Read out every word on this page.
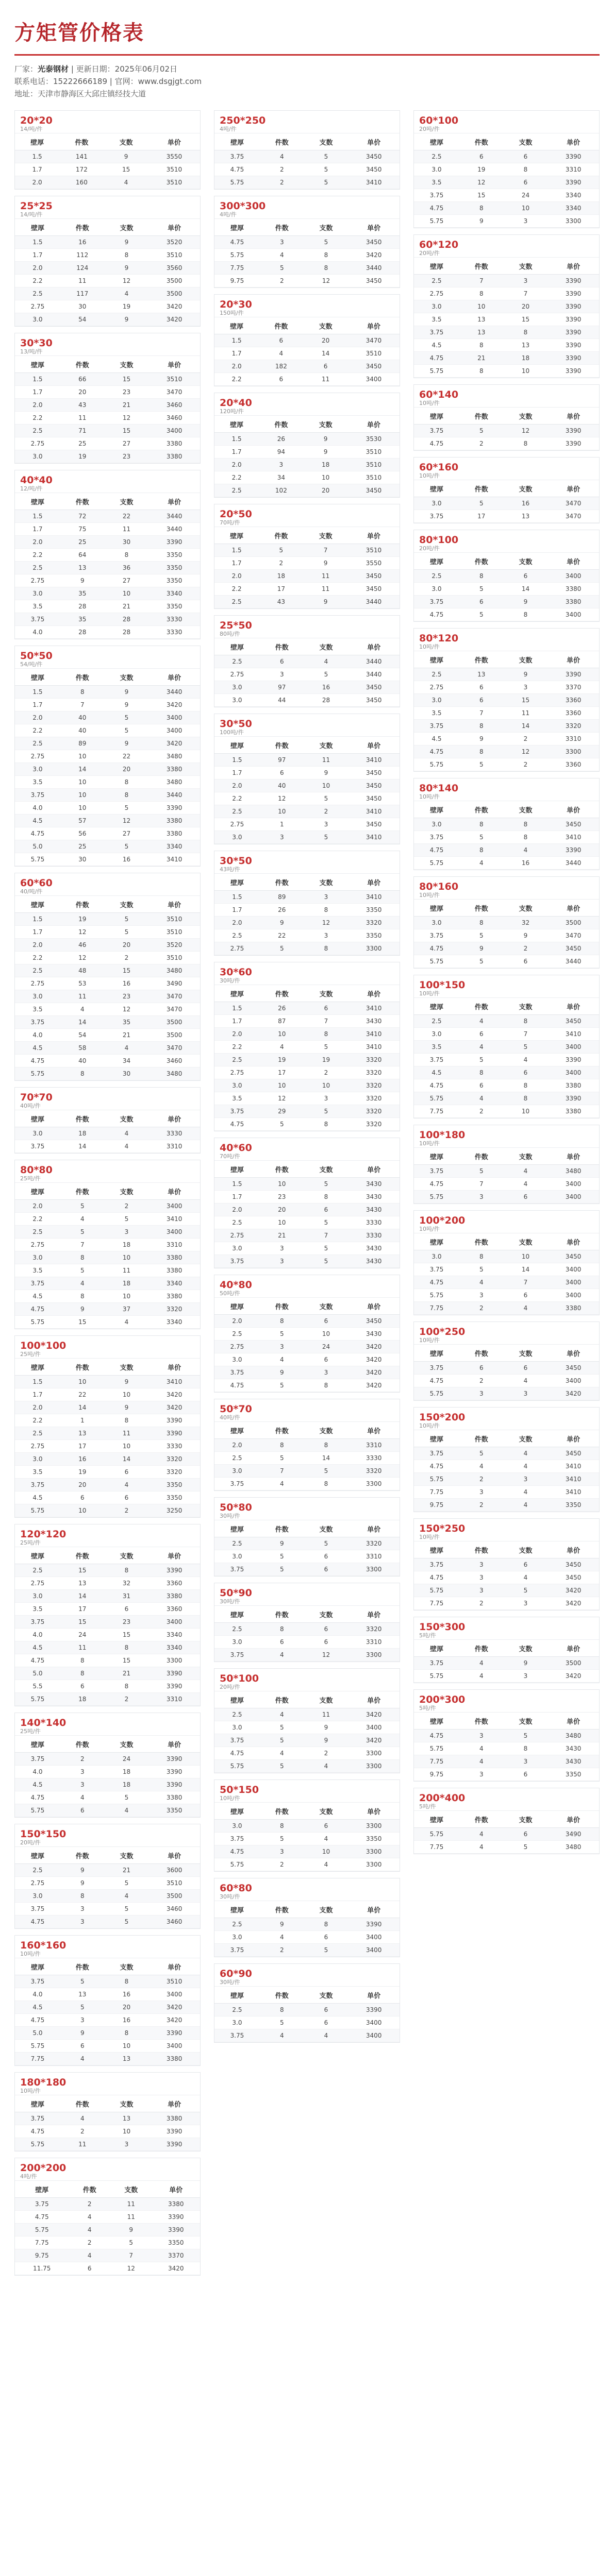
方矩管价格表
厂家：光泰钢材 | 更新日期：2025年06月02日
联系电话：15222666189 | 官网：www.dsgjgt.com
地址：天津市静海区大邱庄镇经技大道
20*20
14/吨/件
壁厚	件数	支数	单价
1.5	141	9	3550
1.7	172	15	3510
2.0	160	4	3510
25*25
14/吨/件
壁厚	件数	支数	单价
1.5	16	9	3520
1.7	112	8	3510
2.0	124	9	3560
2.2	11	12	3500
2.5	117	4	3500
2.75	30	19	3420
3.0	54	9	3420
30*30
13/吨/件
壁厚	件数	支数	单价
1.5	66	15	3510
1.7	20	23	3470
2.0	43	21	3460
2.2	11	12	3460
2.5	71	15	3400
2.75	25	27	3380
3.0	19	23	3380
40*40
12/吨/件
壁厚	件数	支数	单价
1.5	72	22	3440
1.7	75	11	3440
2.0	25	30	3390
2.2	64	8	3350
2.5	13	36	3350
2.75	9	27	3350
3.0	35	10	3340
3.5	28	21	3350
3.75	35	28	3330
4.0	28	28	3330
50*50
54/吨/件
壁厚	件数	支数	单价
1.5	8	9	3440
1.7	7	9	3420
2.0	40	5	3400
2.2	40	5	3400
2.5	89	9	3420
2.75	10	22	3480
3.0	14	20	3380
3.5	10	8	3480
3.75	10	8	3440
4.0	10	5	3390
4.5	57	12	3380
4.75	56	27	3380
5.0	25	5	3340
5.75	30	16	3410
60*60
40/吨/件
壁厚	件数	支数	单价
1.5	19	5	3510
1.7	12	5	3510
2.0	46	20	3520
2.2	12	2	3510
2.5	48	15	3480
2.75	53	16	3490
3.0	11	23	3470
3.5	4	12	3470
3.75	14	35	3500
4.0	54	21	3500
4.5	58	4	3470
4.75	40	34	3460
5.75	8	30	3480
70*70
40吨/件
壁厚	件数	支数	单价
3.0	18	4	3330
3.75	14	4	3310
80*80
25吨/件
壁厚	件数	支数	单价
2.0	5	2	3400
2.2	4	5	3410
2.5	5	3	3400
2.75	7	18	3310
3.0	8	10	3380
3.5	5	11	3380
3.75	4	18	3340
4.5	8	10	3380
4.75	9	37	3320
5.75	15	4	3340
100*100
25吨/件
壁厚	件数	支数	单价
1.5	10	9	3410
1.7	22	10	3420
2.0	14	9	3420
2.2	1	8	3390
2.5	13	11	3390
2.75	17	10	3330
3.0	16	14	3320
3.5	19	6	3320
3.75	20	4	3350
4.5	6	6	3350
5.75	10	2	3250
120*120
25吨/件
壁厚	件数	支数	单价
2.5	15	8	3390
2.75	13	32	3360
3.0	14	31	3380
3.5	17	6	3360
3.75	15	23	3400
4.0	24	15	3340
4.5	11	8	3340
4.75	8	15	3300
5.0	8	21	3390
5.5	6	8	3390
5.75	18	2	3310
140*140
25吨/件
壁厚	件数	支数	单价
3.75	2	24	3390
4.0	3	18	3390
4.5	3	18	3390
4.75	4	5	3380
5.75	6	4	3350
150*150
20吨/件
壁厚	件数	支数	单价
2.5	9	21	3600
2.75	9	5	3510
3.0	8	4	3500
3.75	3	5	3460
4.75	3	5	3460
160*160
10吨/件
壁厚	件数	支数	单价
3.75	5	8	3510
4.0	13	16	3400
4.5	5	20	3420
4.75	3	16	3420
5.0	9	8	3390
5.75	6	10	3400
7.75	4	13	3380
180*180
10吨/件
壁厚	件数	支数	单价
3.75	4	13	3380
4.75	2	10	3390
5.75	11	3	3390
200*200
4吨/件
壁厚	件数	支数	单价
3.75	2	11	3380
4.75	4	11	3390
5.75	4	9	3390
7.75	2	5	3350
9.75	4	7	3370
11.75	6	12	3420
250*250
4吨/件
壁厚	件数	支数	单价
3.75	4	5	3450
4.75	2	5	3450
5.75	2	5	3410
300*300
4吨/件
壁厚	件数	支数	单价
4.75	3	5	3450
5.75	4	8	3420
7.75	5	8	3440
9.75	2	12	3450
20*30
150吨/件
壁厚	件数	支数	单价
1.5	6	20	3470
1.7	4	14	3510
2.0	182	6	3450
2.2	6	11	3400
20*40
120吨/件
壁厚	件数	支数	单价
1.5	26	9	3530
1.7	94	9	3510
2.0	3	18	3510
2.2	34	10	3510
2.5	102	20	3450
20*50
70吨/件
壁厚	件数	支数	单价
1.5	5	7	3510
1.7	2	9	3550
2.0	18	11	3450
2.2	17	11	3450
2.5	43	9	3440
25*50
80吨/件
壁厚	件数	支数	单价
2.5	6	4	3440
2.75	3	5	3440
3.0	97	16	3450
3.0	44	28	3450
30*50
100吨/件
壁厚	件数	支数	单价
1.5	97	11	3410
1.7	6	9	3450
2.0	40	10	3450
2.2	12	5	3450
2.5	10	2	3410
2.75	1	3	3450
3.0	3	5	3410
30*50
43吨/件
壁厚	件数	支数	单价
1.5	89	3	3410
1.7	26	8	3350
2.0	9	12	3320
2.5	22	3	3350
2.75	5	8	3300
30*60
30吨/件
壁厚	件数	支数	单价
1.5	26	6	3410
1.7	87	7	3430
2.0	10	8	3410
2.2	4	5	3410
2.5	19	19	3320
2.75	17	2	3320
3.0	10	10	3320
3.5	12	3	3320
3.75	29	5	3320
4.75	5	8	3320
40*60
70吨/件
壁厚	件数	支数	单价
1.5	10	5	3430
1.7	23	8	3430
2.0	20	6	3430
2.5	10	5	3330
2.75	21	7	3330
3.0	3	5	3430
3.75	3	5	3430
40*80
50吨/件
壁厚	件数	支数	单价
2.0	8	6	3450
2.5	5	10	3430
2.75	3	24	3420
3.0	4	6	3420
3.75	9	3	3420
4.75	5	8	3420
50*70
40吨/件
壁厚	件数	支数	单价
2.0	8	8	3310
2.5	5	14	3330
3.0	7	5	3320
3.75	4	8	3300
50*80
30吨/件
壁厚	件数	支数	单价
2.5	9	5	3320
3.0	5	6	3310
3.75	5	6	3300
50*90
30吨/件
壁厚	件数	支数	单价
2.5	8	6	3320
3.0	6	6	3310
3.75	4	12	3300
50*100
20吨/件
壁厚	件数	支数	单价
2.5	4	11	3420
3.0	5	9	3400
3.75	5	9	3420
4.75	4	2	3300
5.75	5	4	3300
50*150
10吨/件
壁厚	件数	支数	单价
3.0	8	6	3300
3.75	5	4	3350
4.75	3	10	3300
5.75	2	4	3300
60*80
30吨/件
壁厚	件数	支数	单价
2.5	9	8	3390
3.0	4	6	3400
3.75	2	5	3400
60*90
30吨/件
壁厚	件数	支数	单价
2.5	8	6	3390
3.0	5	6	3400
3.75	4	4	3400
60*100
20吨/件
壁厚	件数	支数	单价
2.5	6	6	3390
3.0	19	8	3310
3.5	12	6	3390
3.75	15	24	3340
4.75	8	10	3340
5.75	9	3	3300
60*120
20吨/件
壁厚	件数	支数	单价
2.5	7	3	3390
2.75	8	7	3390
3.0	10	20	3390
3.5	13	15	3390
3.75	13	8	3390
4.5	8	13	3390
4.75	21	18	3390
5.75	8	10	3390
60*140
10吨/件
壁厚	件数	支数	单价
3.75	5	12	3390
4.75	2	8	3390
60*160
10吨/件
壁厚	件数	支数	单价
3.0	5	16	3470
3.75	17	13	3470
80*100
20吨/件
壁厚	件数	支数	单价
2.5	8	6	3400
3.0	5	14	3380
3.75	6	9	3380
4.75	5	8	3400
80*120
10吨/件
壁厚	件数	支数	单价
2.5	13	9	3390
2.75	6	3	3370
3.0	6	15	3360
3.5	7	11	3360
3.75	8	14	3320
4.5	9	2	3310
4.75	8	12	3300
5.75	5	2	3360
80*140
10吨/件
壁厚	件数	支数	单价
3.0	8	8	3450
3.75	5	8	3410
4.75	8	4	3390
5.75	4	16	3440
80*160
10吨/件
壁厚	件数	支数	单价
3.0	8	32	3500
3.75	5	9	3470
4.75	9	2	3450
5.75	5	6	3440
100*150
10吨/件
壁厚	件数	支数	单价
2.5	4	8	3450
3.0	6	7	3410
3.5	4	5	3400
3.75	5	4	3390
4.5	8	6	3400
4.75	6	8	3380
5.75	4	8	3390
7.75	2	10	3380
100*180
10吨/件
壁厚	件数	支数	单价
3.75	5	4	3480
4.75	7	4	3400
5.75	3	6	3400
100*200
10吨/件
壁厚	件数	支数	单价
3.0	8	10	3450
3.75	5	14	3400
4.75	4	7	3400
5.75	3	6	3400
7.75	2	4	3380
100*250
10吨/件
壁厚	件数	支数	单价
3.75	6	6	3450
4.75	2	4	3400
5.75	3	3	3420
150*200
10吨/件
壁厚	件数	支数	单价
3.75	5	4	3450
4.75	4	4	3410
5.75	2	3	3410
7.75	3	4	3410
9.75	2	4	3350
150*250
10吨/件
壁厚	件数	支数	单价
3.75	3	6	3450
4.75	3	4	3450
5.75	3	5	3420
7.75	2	3	3420
150*300
5吨/件
壁厚	件数	支数	单价
3.75	4	9	3500
5.75	4	3	3420
200*300
5吨/件
壁厚	件数	支数	单价
4.75	3	5	3480
5.75	4	8	3430
7.75	4	3	3430
9.75	3	6	3350
200*400
5吨/件
壁厚	件数	支数	单价
5.75	4	6	3490
7.75	4	5	3480
